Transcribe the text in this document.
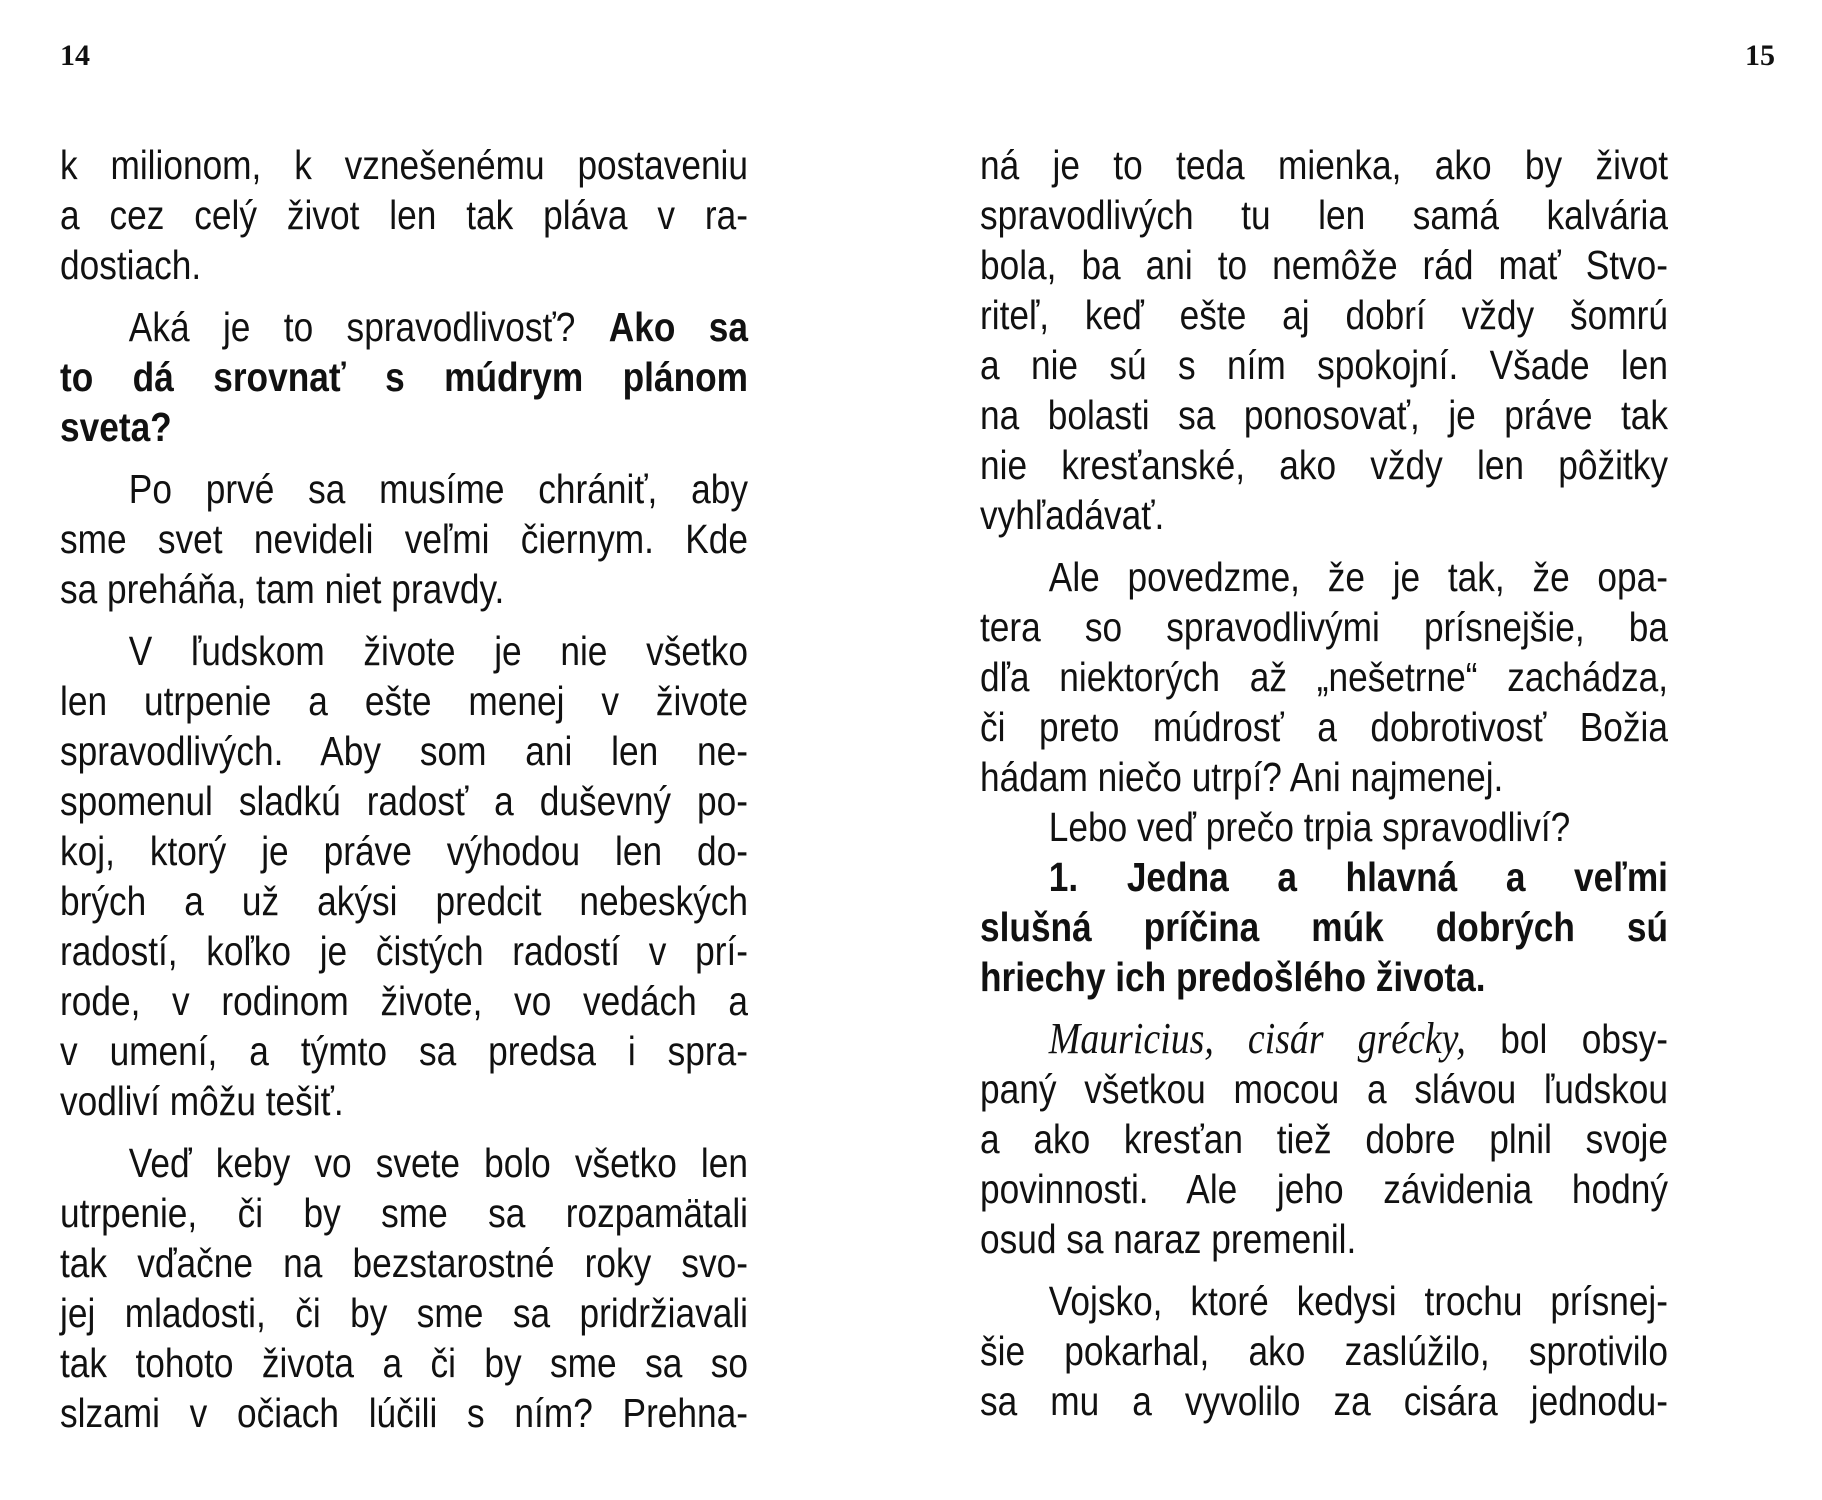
14	15
k milionom, k vznešenému postaveniu
a cez celý život len tak pláva v ra-
dostiach.
Aká je to spravodlivosť? Ako sa
to dá srovnať s múdrym plánom
sveta?
Po prvé sa musíme chrániť, aby
sme svet nevideli veľmi čiernym. Kde
sa preháňa, tam niet pravdy.
V ľudskom živote je nie všetko
len utrpenie a ešte menej v živote
spravodlivých. Aby som ani len ne-
spomenul sladkú radosť a duševný po-
koj, ktorý je práve výhodou len do-
brých a už akýsi predcit nebeských
radostí, koľko je čistých radostí v prí-
rode, v rodinom živote, vo vedách a
v umení, a týmto sa predsa i spra-
vodliví môžu tešiť.
Veď keby vo svete bolo všetko len
utrpenie, či by sme sa rozpamätali
tak vďačne na bezstarostné roky svo-
jej mladosti, či by sme sa pridržiavali
tak tohoto života a či by sme sa so
slzami v očiach lúčili s ním? Prehna-
ná je to teda mienka, ako by život
spravodlivých tu len samá kalvária
bola, ba ani to nemôže rád mať Stvo-
riteľ, keď ešte aj dobrí vždy šomrú
a nie sú s ním spokojní. Všade len
na bolasti sa ponosovať, je práve tak
nie kresťanské, ako vždy len pôžitky
vyhľadávať.
Ale povedzme, že je tak, že opa-
tera so spravodlivými prísnejšie, ba
dľa niektorých až „nešetrne“ zachádza,
či preto múdrosť a dobrotivosť Božia
hádam niečo utrpí? Ani najmenej.
Lebo veď prečo trpia spravodliví?
1. Jedna a hlavná a veľmi
slušná príčina múk dobrých sú
hriechy ich predošlého života.
Mauricius, cisár grécky, bol obsy-
paný všetkou mocou a slávou ľudskou
a ako kresťan tiež dobre plnil svoje
povinnosti. Ale jeho závidenia hodný
osud sa naraz premenil.
Vojsko, ktoré kedysi trochu prísnej-
šie pokarhal, ako zaslúžilo, sprotivilo
sa mu a vyvolilo za cisára jednodu-
